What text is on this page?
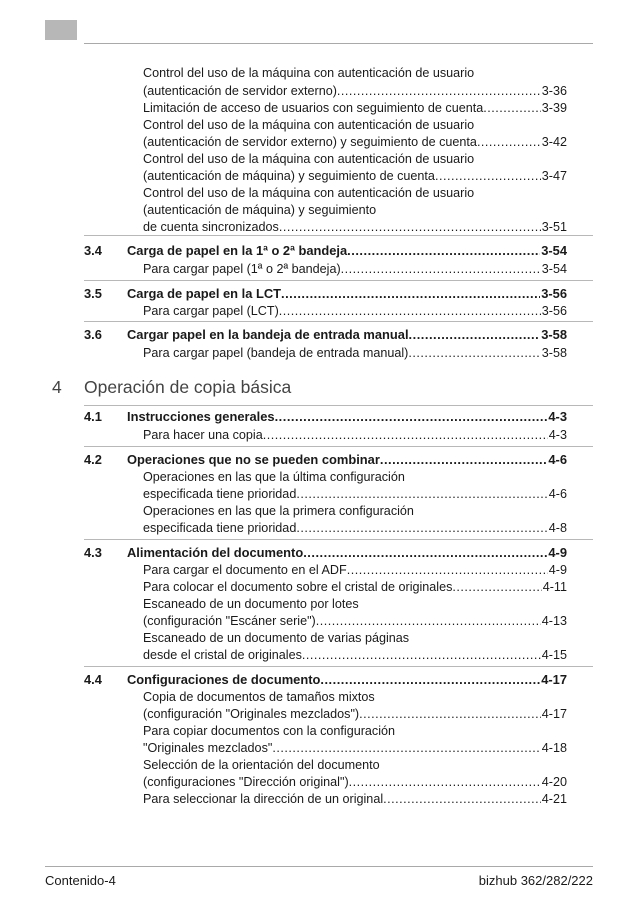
Control del uso de la máquina con autenticación de usuario
(autenticación de servidor externo) .....	3-36
Limitación de acceso de usuarios con seguimiento de cuenta .....	3-39
Control del uso de la máquina con autenticación de usuario
(autenticación de servidor externo) y seguimiento de cuenta .....	3-42
Control del uso de la máquina con autenticación de usuario
(autenticación de máquina) y seguimiento de cuenta .....	3-47
Control del uso de la máquina con autenticación de usuario
(autenticación de máquina) y seguimiento
de cuenta sincronizados .....	3-51
3.4 Carga de papel en la 1ª o 2ª bandeja .....	3-54
Para cargar papel (1ª o 2ª bandeja) .....	3-54
3.5 Carga de papel en la LCT .....	3-56
Para cargar papel (LCT) .....	3-56
3.6 Cargar papel en la bandeja de entrada manual .....	3-58
Para cargar papel (bandeja de entrada manual) .....	3-58
4 Operación de copia básica
4.1 Instrucciones generales .....	4-3
Para hacer una copia .....	4-3
4.2 Operaciones que no se pueden combinar .....	4-6
Operaciones en las que la última configuración
especificada tiene prioridad .....	4-6
Operaciones en las que la primera configuración
especificada tiene prioridad .....	4-8
4.3 Alimentación del documento .....	4-9
Para cargar el documento en el ADF .....	4-9
Para colocar el documento sobre el cristal de originales .....	4-11
Escaneado de un documento por lotes
(configuración "Escáner serie") .....	4-13
Escaneado de un documento de varias páginas
desde el cristal de originales .....	4-15
4.4 Configuraciones de documento .....	4-17
Copia de documentos de tamaños mixtos
(configuración "Originales mezclados") .....	4-17
Para copiar documentos con la configuración
"Originales mezclados" .....	4-18
Selección de la orientación del documento
(configuraciones "Dirección original") .....	4-20
Para seleccionar la dirección de un original .....	4-21
Contenido-4	bizhub 362/282/222
